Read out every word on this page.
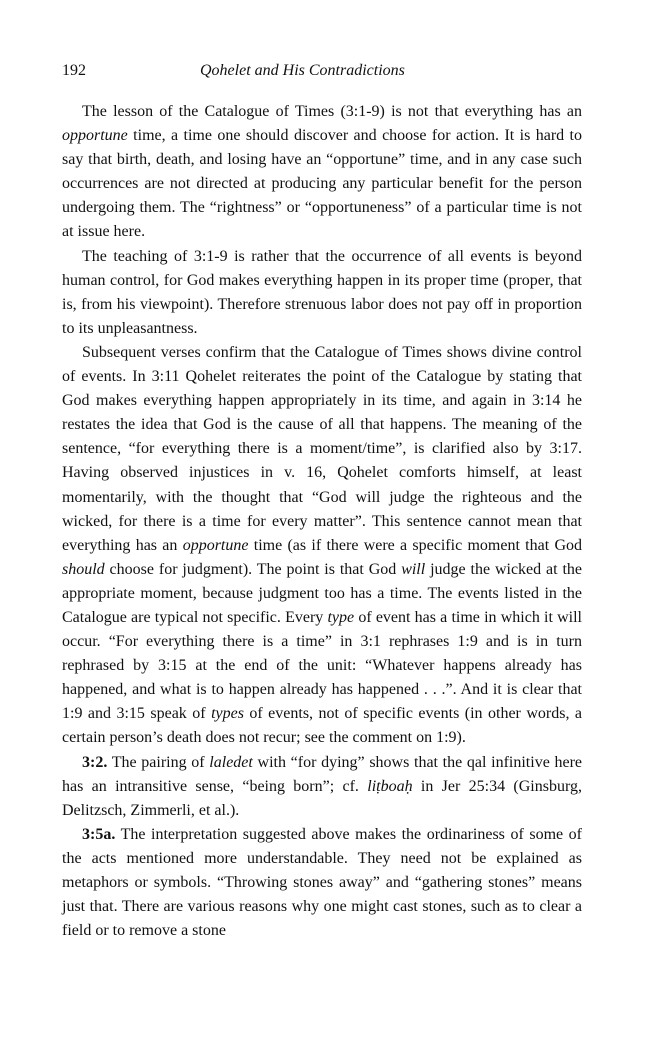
192	Qohelet and His Contradictions

The lesson of the Catalogue of Times (3:1-9) is not that everything has an opportune time, a time one should discover and choose for action. It is hard to say that birth, death, and losing have an “opportune” time, and in any case such occurrences are not directed at producing any particular benefit for the person undergoing them. The “rightness” or “opportuneness” of a particular time is not at issue here.

The teaching of 3:1-9 is rather that the occurrence of all events is beyond human control, for God makes everything happen in its proper time (proper, that is, from his viewpoint). Therefore strenuous labor does not pay off in proportion to its unpleasantness.

Subsequent verses confirm that the Catalogue of Times shows divine control of events. In 3:11 Qohelet reiterates the point of the Catalogue by stating that God makes everything happen appropriately in its time, and again in 3:14 he restates the idea that God is the cause of all that happens. The meaning of the sentence, “for everything there is a moment/time”, is clarified also by 3:17. Having observed injustices in v. 16, Qohelet comforts himself, at least momentarily, with the thought that “God will judge the righteous and the wicked, for there is a time for every matter”. This sentence cannot mean that everything has an opportune time (as if there were a specific moment that God should choose for judgment). The point is that God will judge the wicked at the appropriate moment, because judgment too has a time. The events listed in the Catalogue are typical not specific. Every type of event has a time in which it will occur. “For everything there is a time” in 3:1 rephrases 1:9 and is in turn rephrased by 3:15 at the end of the unit: “Whatever happens already has happened, and what is to happen already has happened . . .”. And it is clear that 1:9 and 3:15 speak of types of events, not of specific events (in other words, a certain person’s death does not recur; see the comment on 1:9).

3:2. The pairing of laledet with “for dying” shows that the qal infinitive here has an intransitive sense, “being born”; cf. liṭboaḥ in Jer 25:34 (Ginsburg, Delitzsch, Zimmerli, et al.).

3:5a. The interpretation suggested above makes the ordinariness of some of the acts mentioned more understandable. They need not be explained as metaphors or symbols. “Throwing stones away” and “gathering stones” means just that. There are various reasons why one might cast stones, such as to clear a field or to remove a stone
